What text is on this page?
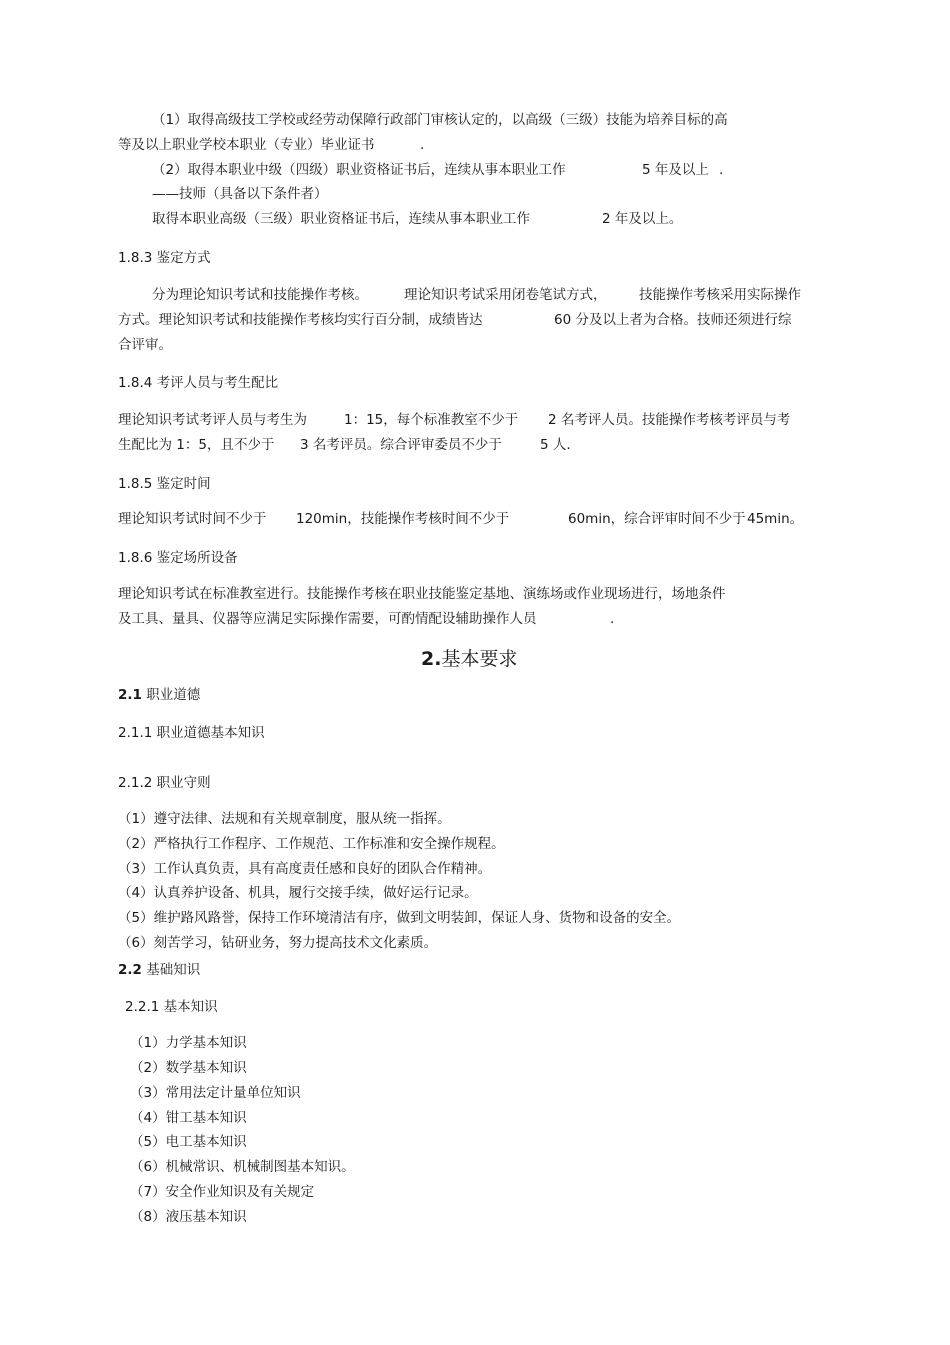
（1）取得高级技工学校或经劳动保障行政部门审核认定的，以高级（三级）技能为培养目标的高
等及以上职业学校本职业（专业）毕业证书	.
（2）取得本职业中级（四级）职业资格证书后，连续从事本职业工作	5 年及以上 .
——技师（具备以下条件者）
取得本职业高级（三级）职业资格证书后，连续从事本职业工作	2 年及以上。
1.8.3 鉴定方式
分为理论知识考试和技能操作考核。	理论知识考试采用闭卷笔试方式， 技能操作考核采用实际操作
方式。理论知识考试和技能操作考核均实行百分制，成绩皆达	60 分及以上者为合格。技师还须进行综
合评审。
1.8.4 考评人员与考生配比
理论知识考试考评人员与考生为	1：15，每个标准教室不少于 2 名考评人员。技能操作考核考评员与考
生配比为 1：5，且不少于 3 名考评员。综合评审委员不少于	5 人.
1.8.5 鉴定时间
理论知识考试时间不少于 120min，技能操作考核时间不少于	60min，综合评审时间不少于 45min。
1.8.6 鉴定场所设备
理论知识考试在标准教室进行。技能操作考核在职业技能鉴定基地、演练场或作业现场进行，场地条件
及工具、量具、仪器等应满足实际操作需要，可酌情配设辅助操作人员	.
2.基本要求
2.1 职业道德
2.1.1 职业道德基本知识
2.1.2 职业守则
（1）遵守法律、法规和有关规章制度，服从统一指挥。
（2）严格执行工作程序、工作规范、工作标准和安全操作规程。
（3）工作认真负责，具有高度责任感和良好的团队合作精神。
（4）认真养护设备、机具，履行交接手续，做好运行记录。
（5）维护路风路誉，保持工作环境清洁有序，做到文明装卸，保证人身、货物和设备的安全。
（6）刻苦学习，钻研业务，努力提高技术文化素质。
2.2 基础知识
2.2.1 基本知识
（1）力学基本知识
（2）数学基本知识
（3）常用法定计量单位知识
（4）钳工基本知识
（5）电工基本知识
（6）机械常识、机械制图基本知识。
（7）安全作业知识及有关规定
（8）液压基本知识
